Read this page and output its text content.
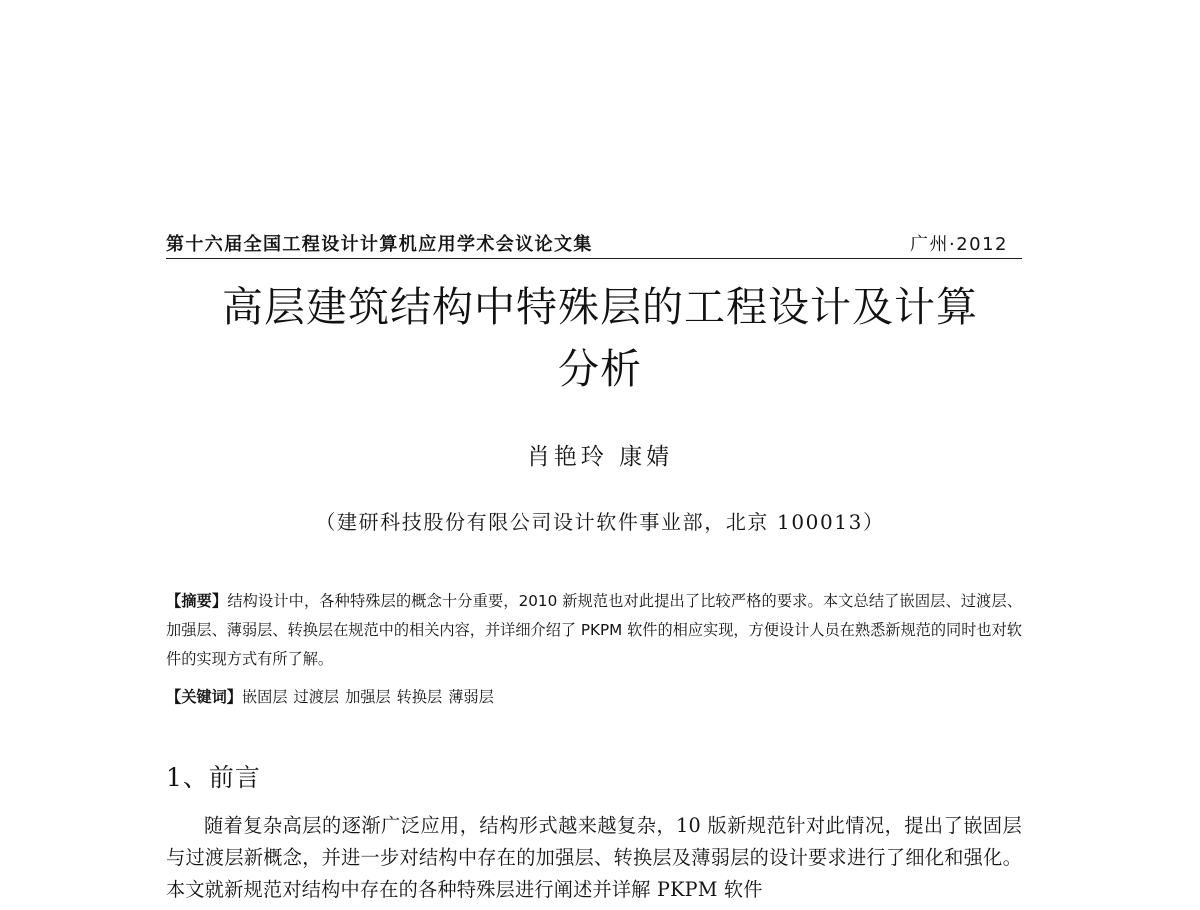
第十六届全国工程设计计算机应用学术会议论文集	广州·2012
高层建筑结构中特殊层的工程设计及计算
分析
肖艳玲 康婧
（建研科技股份有限公司设计软件事业部，北京 100013）
【摘要】结构设计中，各种特殊层的概念十分重要，2010 新规范也对此提出了比较严格的要求。本文总结了嵌固层、过渡层、加强层、薄弱层、转换层在规范中的相关内容，并详细介绍了 PKPM 软件的相应实现，方便设计人员在熟悉新规范的同时也对软件的实现方式有所了解。
【关键词】嵌固层 过渡层 加强层 转换层 薄弱层
1、前言
随着复杂高层的逐渐广泛应用，结构形式越来越复杂，10 版新规范针对此情况，提出了嵌固层与过渡层新概念，并进一步对结构中存在的加强层、转换层及薄弱层的设计要求进行了细化和强化。本文就新规范对结构中存在的各种特殊层进行阐述并详解 PKPM 软件
